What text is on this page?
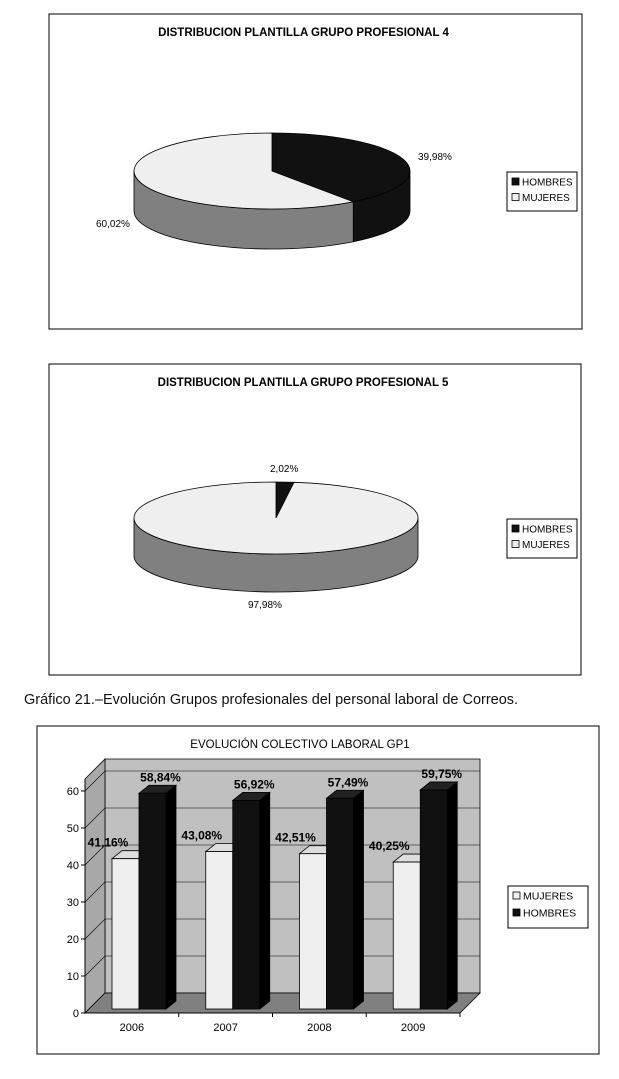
Gráfico 21.–Evolución Grupos profesionales del personal laboral de Correos.
DISTRIBUCION PLANTILLA GRUPO PROFESIONAL 4
39,98%
60,02%
HOMBRES
MUJERES
DISTRIBUCION PLANTILLA GRUPO PROFESIONAL 5
2,02%
97,98%
HOMBRES
MUJERES
EVOLUCIÓN COLECTIVO LABORAL GP1
0
10
20
30
40
50
60
2006
41,16%
58,84%
2007
43,08%
56,92%
2008
42,51%
57,49%
2009
40,25%
59,75%
MUJERES
HOMBRES
